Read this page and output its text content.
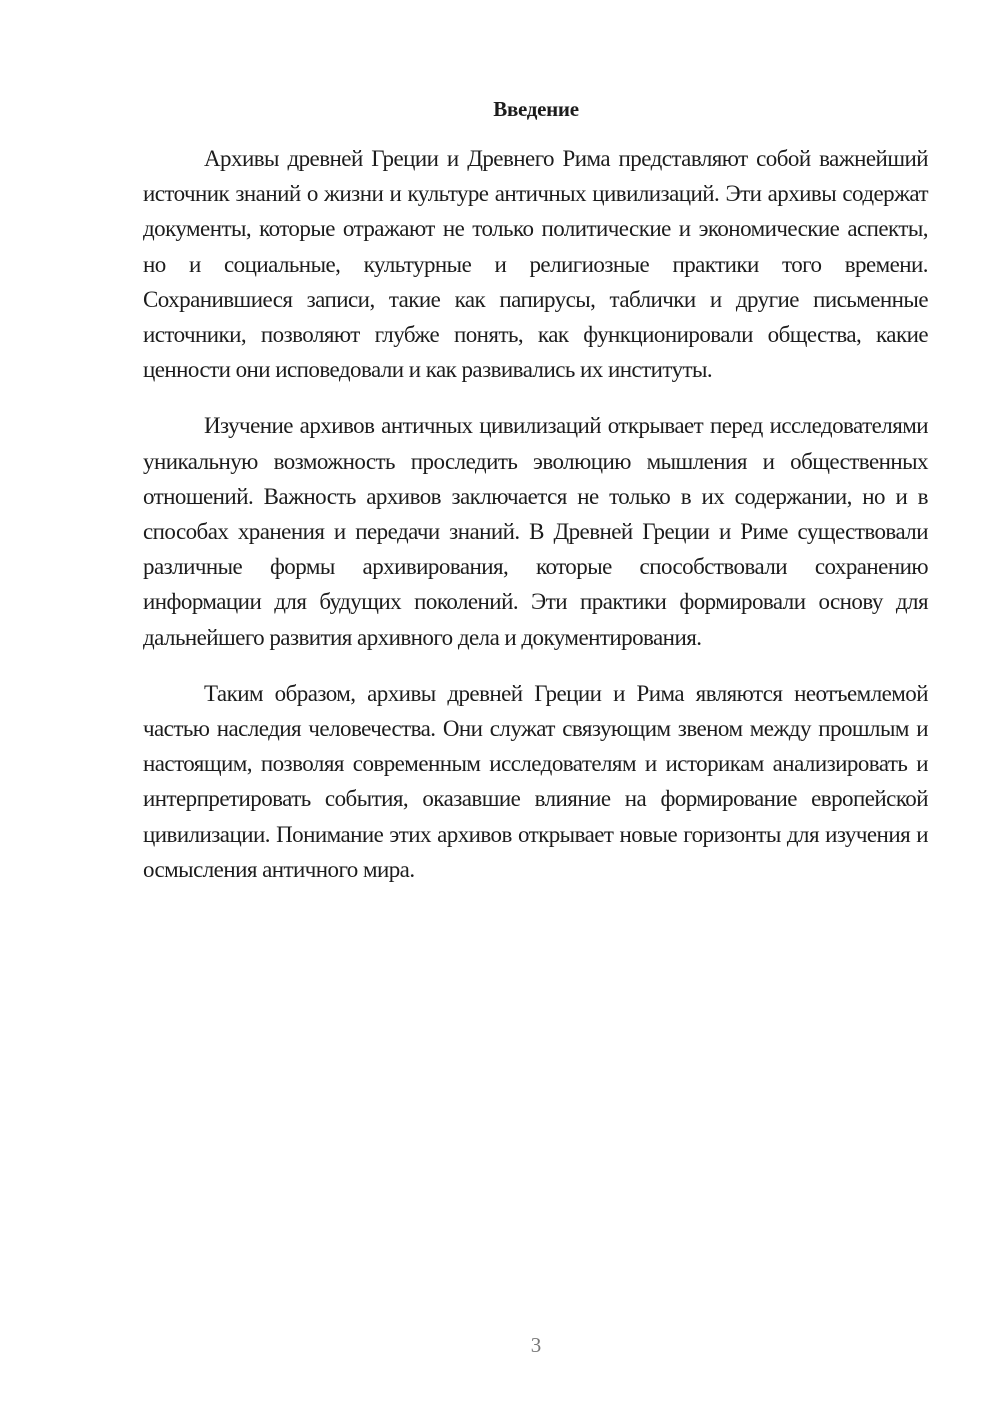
Введение

Архивы древней Греции и Древнего Рима представляют собой важнейший источник знаний о жизни и культуре античных цивилизаций. Эти архивы содержат документы, которые отражают не только политические и экономические аспекты, но и социальные, культурные и религиозные практики того времени. Сохранившиеся записи, такие как папирусы, таблички и другие письменные источники, позволяют глубже понять, как функционировали общества, какие ценности они исповедовали и как развивались их институты.

Изучение архивов античных цивилизаций открывает перед исследователями уникальную возможность проследить эволюцию мышления и общественных отношений. Важность архивов заключается не только в их содержании, но и в способах хранения и передачи знаний. В Древней Греции и Риме существовали различные формы архивирования, которые способствовали сохранению информации для будущих поколений. Эти практики формировали основу для дальнейшего развития архивного дела и документирования.

Таким образом, архивы древней Греции и Рима являются неотъемлемой частью наследия человечества. Они служат связующим звеном между прошлым и настоящим, позволяя современным исследователям и историкам анализировать и интерпретировать события, оказавшие влияние на формирование европейской цивилизации. Понимание этих архивов открывает новые горизонты для изучения и осмысления античного мира.

3
